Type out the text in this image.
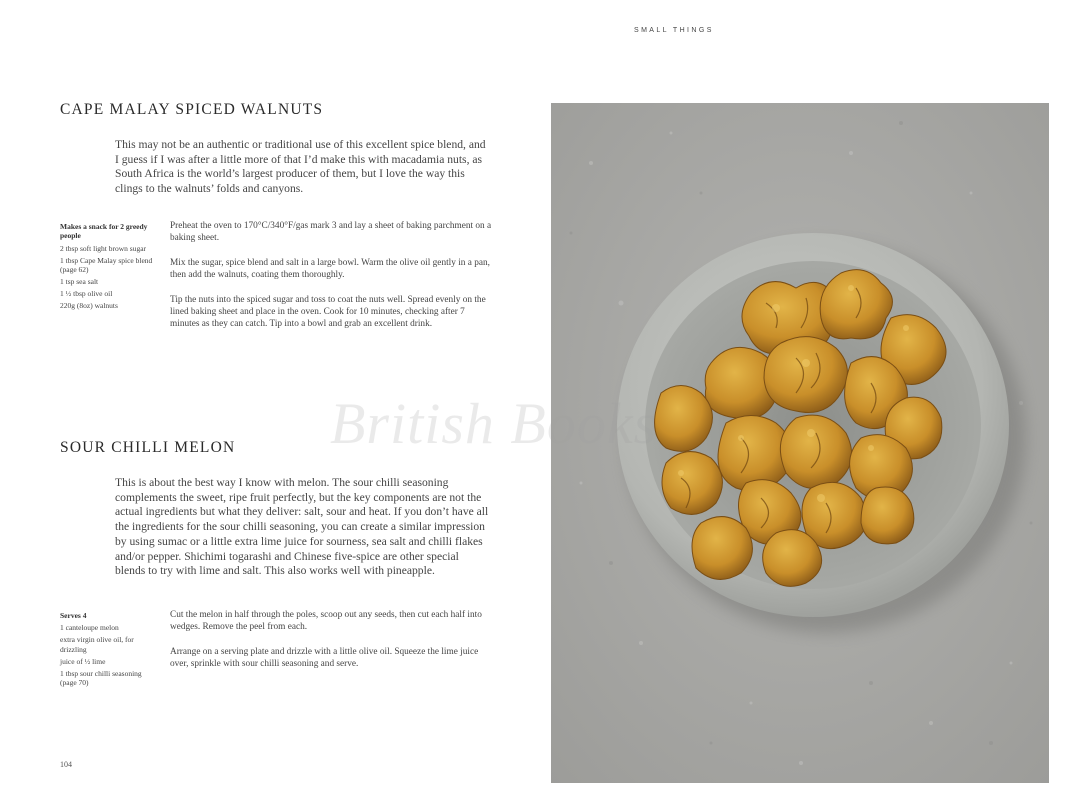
SMALL THINGS
CAPE MALAY SPICED WALNUTS

This may not be an authentic or traditional use of this excellent spice blend, and I guess if I was after a little more of that I’d make this with macadamia nuts, as South Africa is the world’s largest producer of them, but I love the way this clings to the walnuts’ folds and canyons.

Makes a snack for 2 greedy people
2 tbsp soft light brown sugar
1 tbsp Cape Malay spice blend (page 62)
1 tsp sea salt
1 ½ tbsp olive oil
220g (8oz) walnuts

Preheat the oven to 170°C/340°F/gas mark 3 and lay a sheet of baking parchment on a baking sheet.

Mix the sugar, spice blend and salt in a large bowl. Warm the olive oil gently in a pan, then add the walnuts, coating them thoroughly.

Tip the nuts into the spiced sugar and toss to coat the nuts well. Spread evenly on the lined baking sheet and place in the oven. Cook for 10 minutes, checking after 7 minutes as they can catch. Tip into a bowl and grab an excellent drink.

SOUR CHILLI MELON

This is about the best way I know with melon. The sour chilli seasoning complements the sweet, ripe fruit perfectly, but the key components are not the actual ingredients but what they deliver: salt, sour and heat. If you don’t have all the ingredients for the sour chilli seasoning, you can create a similar impression by using sumac or a little extra lime juice for sourness, sea salt and chilli flakes and/or pepper. Shichimi togarashi and Chinese five-spice are other special blends to try with lime and salt. This also works well with pineapple.

Serves 4
1 canteloupe melon
extra virgin olive oil, for drizzling
juice of ½ lime
1 tbsp sour chilli seasoning (page 70)

Cut the melon in half through the poles, scoop out any seeds, then cut each half into wedges. Remove the peel from each.

Arrange on a serving plate and drizzle with a little olive oil. Squeeze the lime juice over, sprinkle with sour chilli seasoning and serve.

104
British Books
